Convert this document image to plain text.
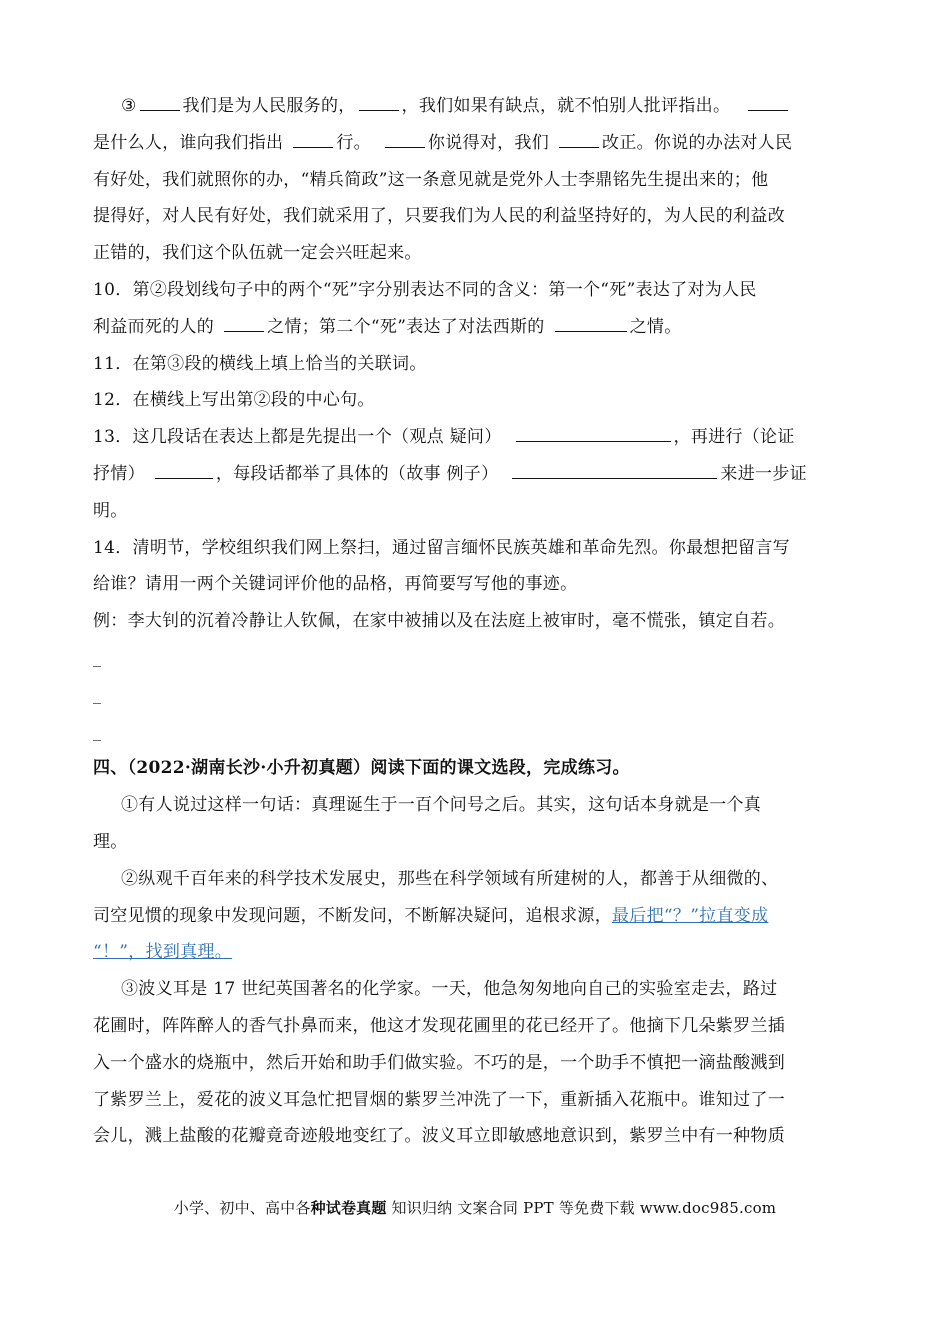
③	我们是为人民服务的，	，我们如果有缺点，就不怕别人批评指出。
是什么人，谁向我们指出	行。	你说得对，我们	改正。你说的办法对人民
有好处，我们就照你的办，“精兵简政”这一条意见就是党外人士李鼎铭先生提出来的；他
提得好，对人民有好处，我们就采用了，只要我们为人民的利益坚持好的，为人民的利益改
正错的，我们这个队伍就一定会兴旺起来。
10．第②段划线句子中的两个“死”字分别表达不同的含义：第一个“死”表达了对为人民
利益而死的人的	之情；第二个“死”表达了对法西斯的	之情。
11．在第③段的横线上填上恰当的关联词。
12．在横线上写出第②段的中心句。
13．这几段话在表达上都是先提出一个（观点 疑问）	，再进行（论证
抒情）	，每段话都举了具体的（故事 例子）	来进一步证
明。
14．清明节，学校组织我们网上祭扫，通过留言缅怀民族英雄和革命先烈。你最想把留言写
给谁？请用一两个关键词评价他的品格，再简要写写他的事迹。
例：李大钊的沉着冷静让人钦佩，在家中被捕以及在法庭上被审时，毫不慌张，镇定自若。
_
_
_
四、（2022·湖南长沙·小升初真题）阅读下面的课文选段，完成练习。
①有人说过这样一句话：真理诞生于一百个问号之后。其实，这句话本身就是一个真
理。
②纵观千百年来的科学技术发展史，那些在科学领域有所建树的人，都善于从细微的、
司空见惯的现象中发现问题，不断发问，不断解决疑问，追根求源，最后把“？”拉直变成
“！”，找到真理。
③波义耳是 17 世纪英国著名的化学家。一天，他急匆匆地向自己的实验室走去，路过
花圃时，阵阵醉人的香气扑鼻而来，他这才发现花圃里的花已经开了。他摘下几朵紫罗兰插
入一个盛水的烧瓶中，然后开始和助手们做实验。不巧的是，一个助手不慎把一滴盐酸溅到
了紫罗兰上，爱花的波义耳急忙把冒烟的紫罗兰冲洗了一下，重新插入花瓶中。谁知过了一
会儿，溅上盐酸的花瓣竟奇迹般地变红了。波义耳立即敏感地意识到，紫罗兰中有一种物质
小学、初中、高中各种试卷真题 知识归纳 文案合同 PPT 等免费下载 www.doc985.com
